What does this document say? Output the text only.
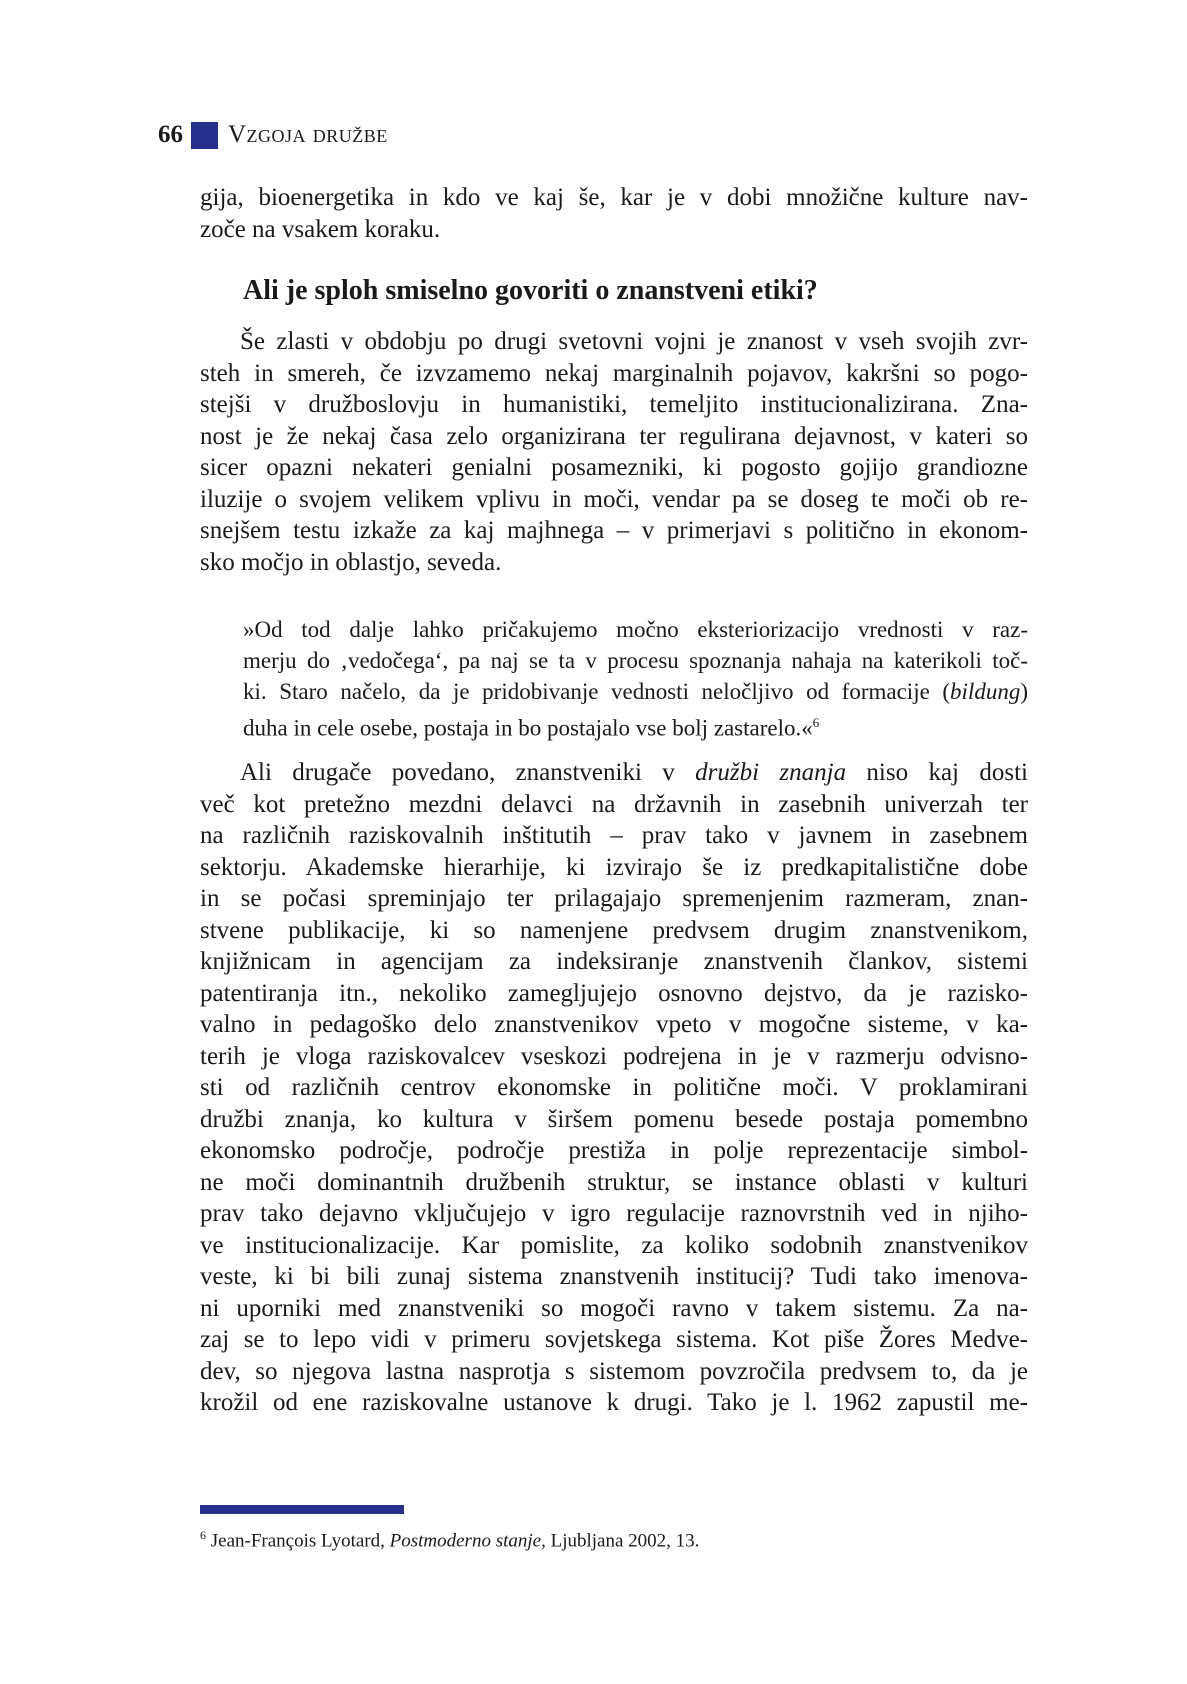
66 Vzgoja družbe

gija, bioenergetika in kdo ve kaj še, kar je v dobi množične kulture nav-

zoče na vsakem koraku.

Ali je sploh smiselno govoriti o znanstveni etiki?

Še zlasti v obdobju po drugi svetovni vojni je znanost v vseh svojih zvr-

steh in smereh, če izvzamemo nekaj marginalnih pojavov, kakršni so pogo-

stejši v družboslovju in humanistiki, temeljito institucionalizirana. Zna-

nost je že nekaj časa zelo organizirana ter regulirana dejavnost, v kateri so

sicer opazni nekateri genialni posamezniki, ki pogosto gojijo grandiozne

iluzije o svojem velikem vplivu in moči, vendar pa se doseg te moči ob re-

snejšem testu izkaže za kaj majhnega – v primerjavi s politično in ekonom-

sko močjo in oblastjo, seveda.

»Od tod dalje lahko pričakujemo močno eksteriorizacijo vrednosti v raz-

merju do ‚vedočega‘, pa naj se ta v procesu spoznanja nahaja na katerikoli toč-

ki. Staro načelo, da je pridobivanje vednosti neločljivo od formacije (bildung)

duha in cele osebe, postaja in bo postajalo vse bolj zastarelo.«$^6$

Ali drugače povedano, znanstveniki v družbi znanja niso kaj dosti

več kot pretežno mezdni delavci na državnih in zasebnih univerzah ter

na različnih raziskovalnih inštitutih – prav tako v javnem in zasebnem

sektorju. Akademske hierarhije, ki izvirajo še iz predkapitalistične dobe

in se počasi spreminjajo ter prilagajajo spremenjenim razmeram, znan-

stvene publikacije, ki so namenjene predvsem drugim znanstvenikom,

knjižnicam in agencijam za indeksiranje znanstvenih člankov, sistemi

patentiranja itn., nekoliko zamegljujejo osnovno dejstvo, da je razisko-

valno in pedagoško delo znanstvenikov vpeto v mogočne sisteme, v ka-

terih je vloga raziskovalcev vseskozi podrejena in je v razmerju odvisno-

sti od različnih centrov ekonomske in politične moči. V proklamirani

družbi znanja, ko kultura v širšem pomenu besede postaja pomembno

ekonomsko področje, področje prestiža in polje reprezentacije simbol-

ne moči dominantnih družbenih struktur, se instance oblasti v kulturi

prav tako dejavno vključujejo v igro regulacije raznovrstnih ved in njiho-

ve institucionalizacije. Kar pomislite, za koliko sodobnih znanstvenikov

veste, ki bi bili zunaj sistema znanstvenih institucij? Tudi tako imenova-

ni uporniki med znanstveniki so mogoči ravno v takem sistemu. Za na-

zaj se to lepo vidi v primeru sovjetskega sistema. Kot piše Žores Medve-

dev, so njegova lastna nasprotja s sistemom povzročila predvsem to, da je

krožil od ene raziskovalne ustanove k drugi. Tako je l. 1962 zapustil me-

$^6$ Jean-François Lyotard, Postmoderno stanje, Ljubljana 2002, 13.
